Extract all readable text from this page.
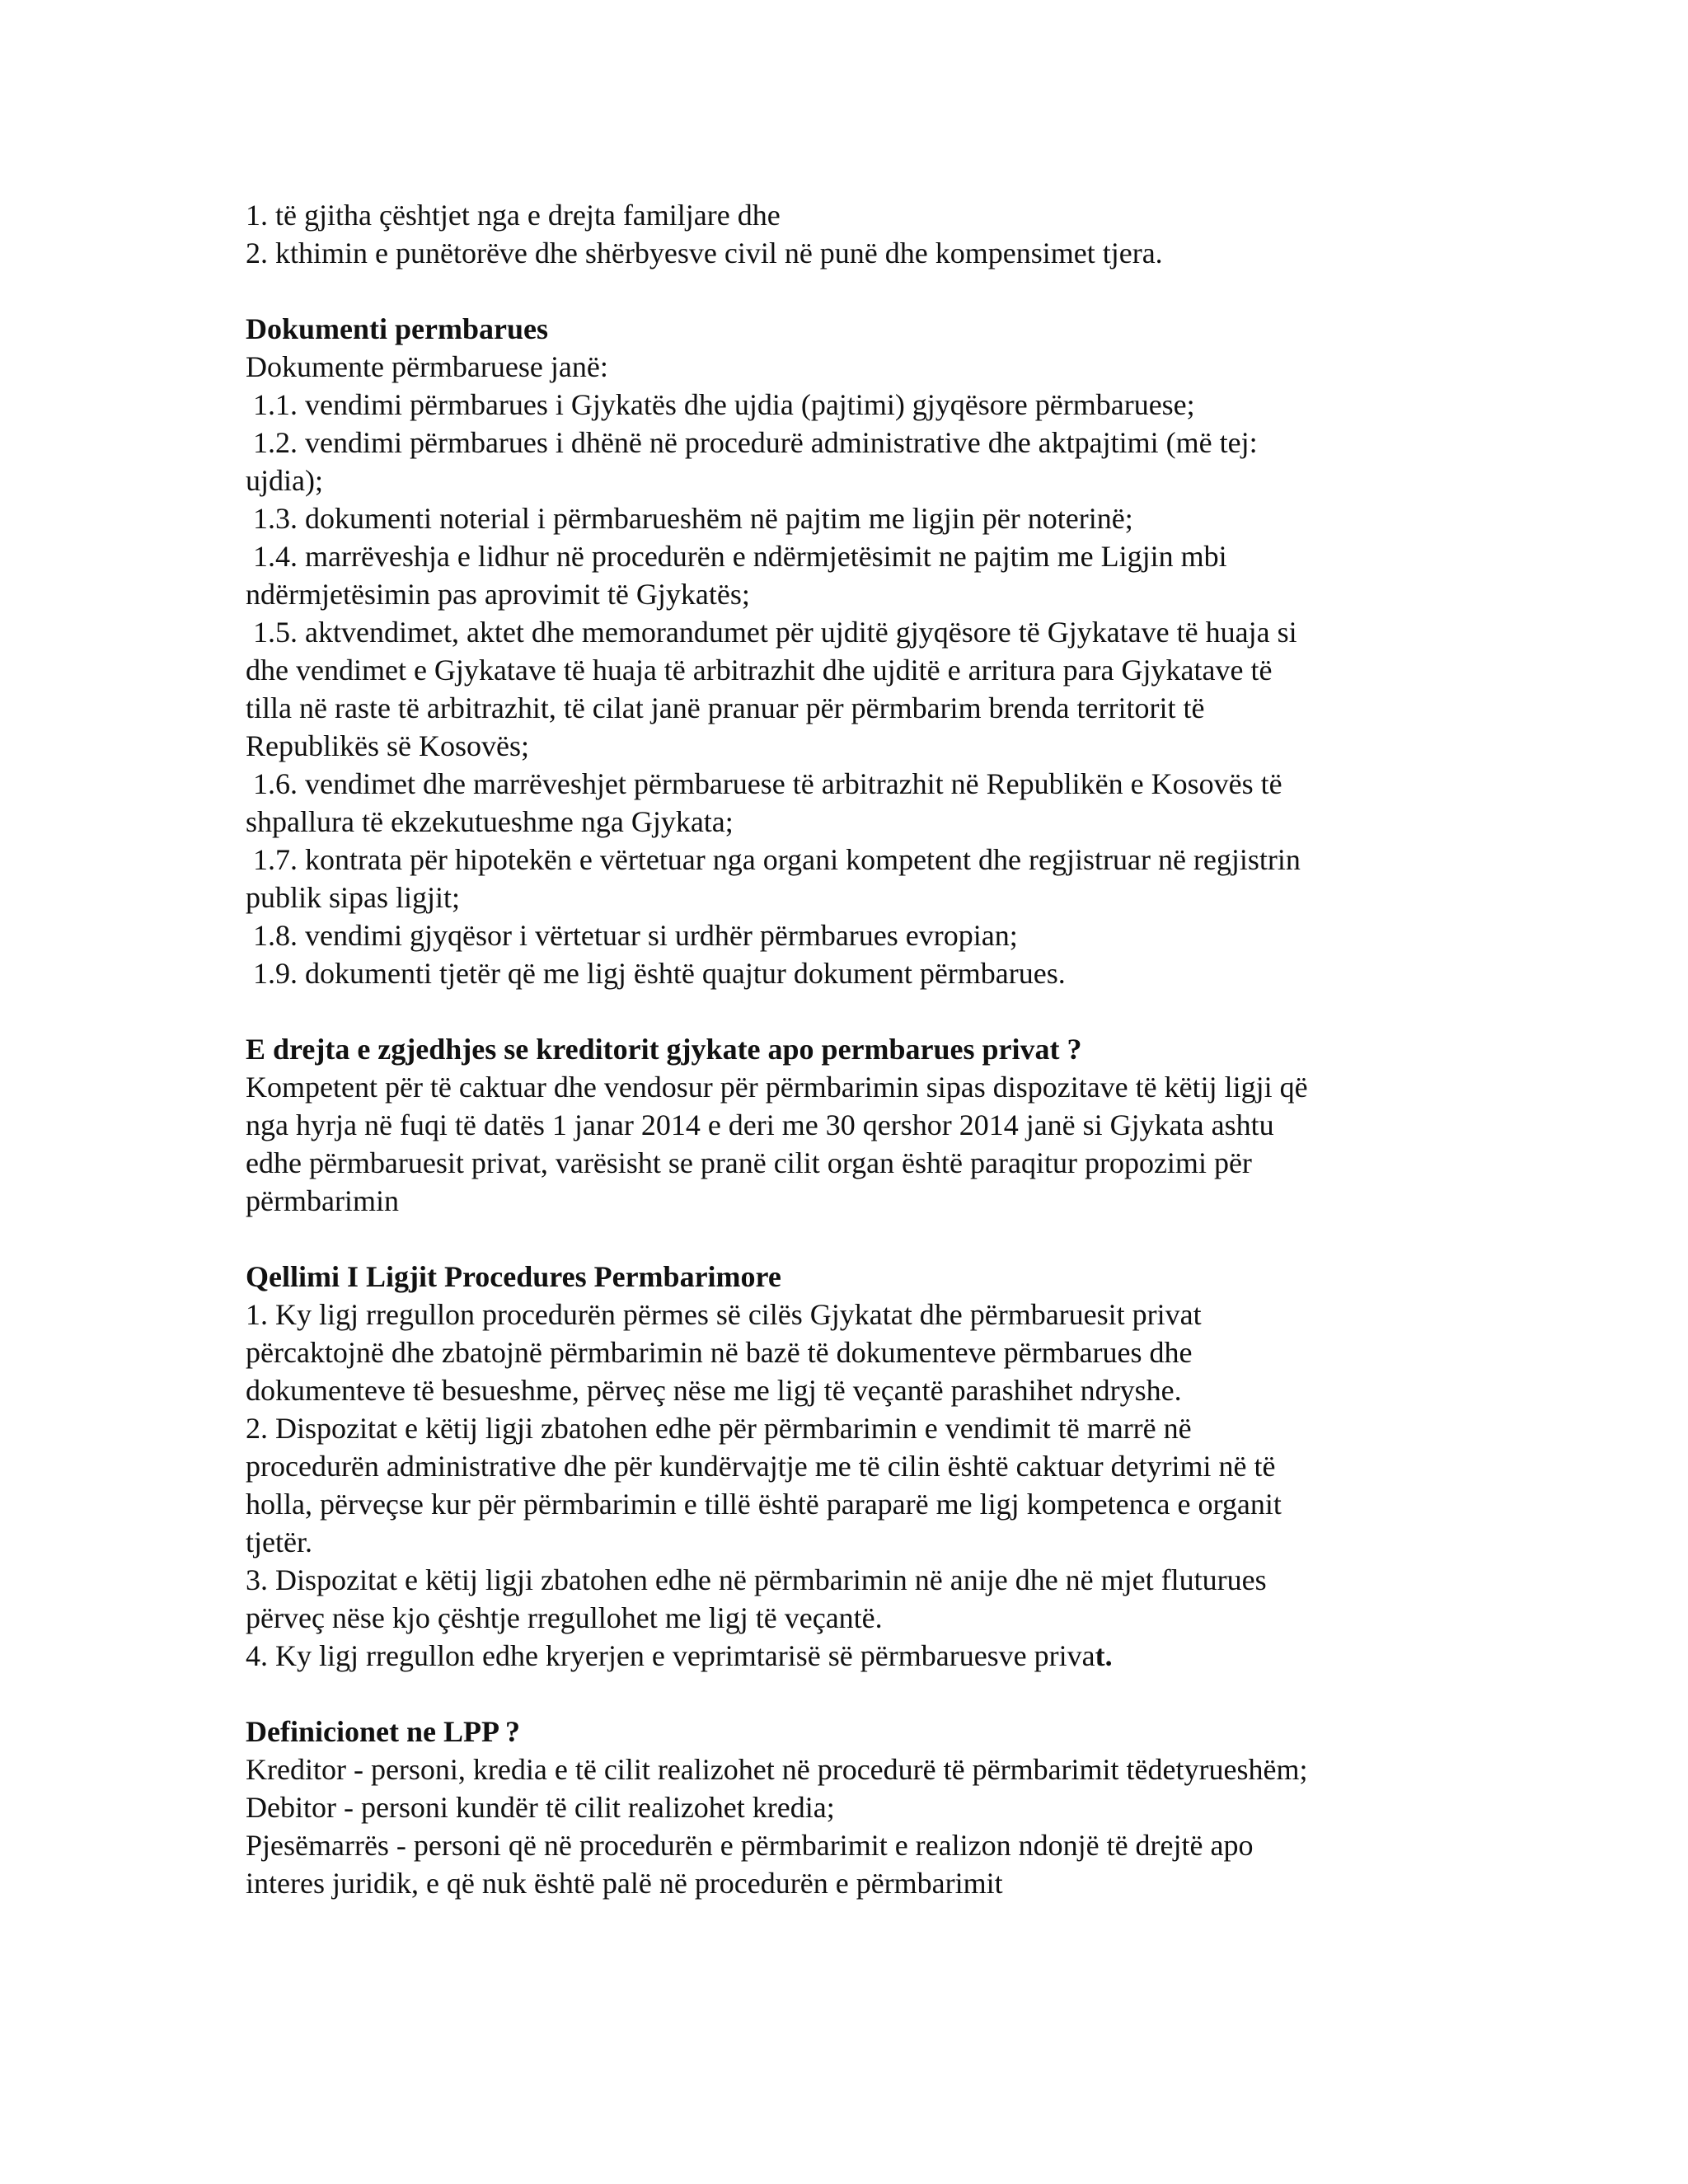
1. të gjitha çështjet nga e drejta familjare dhe
2. kthimin e punëtorëve dhe shërbyesve civil në punë dhe kompensimet tjera.
Dokumenti permbarues
Dokumente përmbaruese janë:
1.1. vendimi përmbarues i Gjykatës dhe ujdia (pajtimi) gjyqësore përmbaruese;
1.2. vendimi përmbarues i dhënë në procedurë administrative dhe aktpajtimi (më tej:
ujdia);
1.3. dokumenti noterial i përmbarueshëm në pajtim me ligjin për noterinë;
1.4. marrëveshja e lidhur në procedurën e ndërmjetësimit ne pajtim me Ligjin mbi
ndërmjetësimin pas aprovimit të Gjykatës;
1.5. aktvendimet, aktet dhe memorandumet për ujditë gjyqësore të Gjykatave të huaja si
dhe vendimet e Gjykatave të huaja të arbitrazhit dhe ujditë e arritura para Gjykatave të
tilla në raste të arbitrazhit, të cilat janë pranuar për përmbarim brenda territorit të
Republikës së Kosovës;
1.6. vendimet dhe marrëveshjet përmbaruese të arbitrazhit në Republikën e Kosovës të
shpallura të ekzekutueshme nga Gjykata;
1.7. kontrata për hipotekën e vërtetuar nga organi kompetent dhe regjistruar në regjistrin
publik sipas ligjit;
1.8. vendimi gjyqësor i vërtetuar si urdhër përmbarues evropian;
1.9. dokumenti tjetër që me ligj është quajtur dokument përmbarues.
E drejta e zgjedhjes se kreditorit gjykate apo permbarues privat ?
Kompetent për të caktuar dhe vendosur për përmbarimin sipas dispozitave të këtij ligji që
nga hyrja në fuqi të datës 1 janar 2014 e deri me 30 qershor 2014 janë si Gjykata ashtu
edhe përmbaruesit privat, varësisht se pranë cilit organ është paraqitur propozimi për
përmbarimin
Qellimi I Ligjit Procedures Permbarimore
1. Ky ligj rregullon procedurën përmes së cilës Gjykatat dhe përmbaruesit privat
përcaktojnë dhe zbatojnë përmbarimin në bazë të dokumenteve përmbarues dhe
dokumenteve të besueshme, përveç nëse me ligj të veçantë parashihet ndryshe.
2. Dispozitat e këtij ligji zbatohen edhe për përmbarimin e vendimit të marrë në
procedurën administrative dhe për kundërvajtje me të cilin është caktuar detyrimi në të
holla, përveçse kur për përmbarimin e tillë është paraparë me ligj kompetenca e organit
tjetër.
3. Dispozitat e këtij ligji zbatohen edhe në përmbarimin në anije dhe në mjet fluturues
përveç nëse kjo çështje rregullohet me ligj të veçantë.
4. Ky ligj rregullon edhe kryerjen e veprimtarisë së përmbaruesve privat.
Definicionet ne LPP ?
Kreditor - personi, kredia e të cilit realizohet në procedurë të përmbarimit tëdetyrueshëm;
Debitor - personi kundër të cilit realizohet kredia;
Pjesëmarrës - personi që në procedurën e përmbarimit e realizon ndonjë të drejtë apo
interes juridik, e që nuk është palë në procedurën e përmbarimit
